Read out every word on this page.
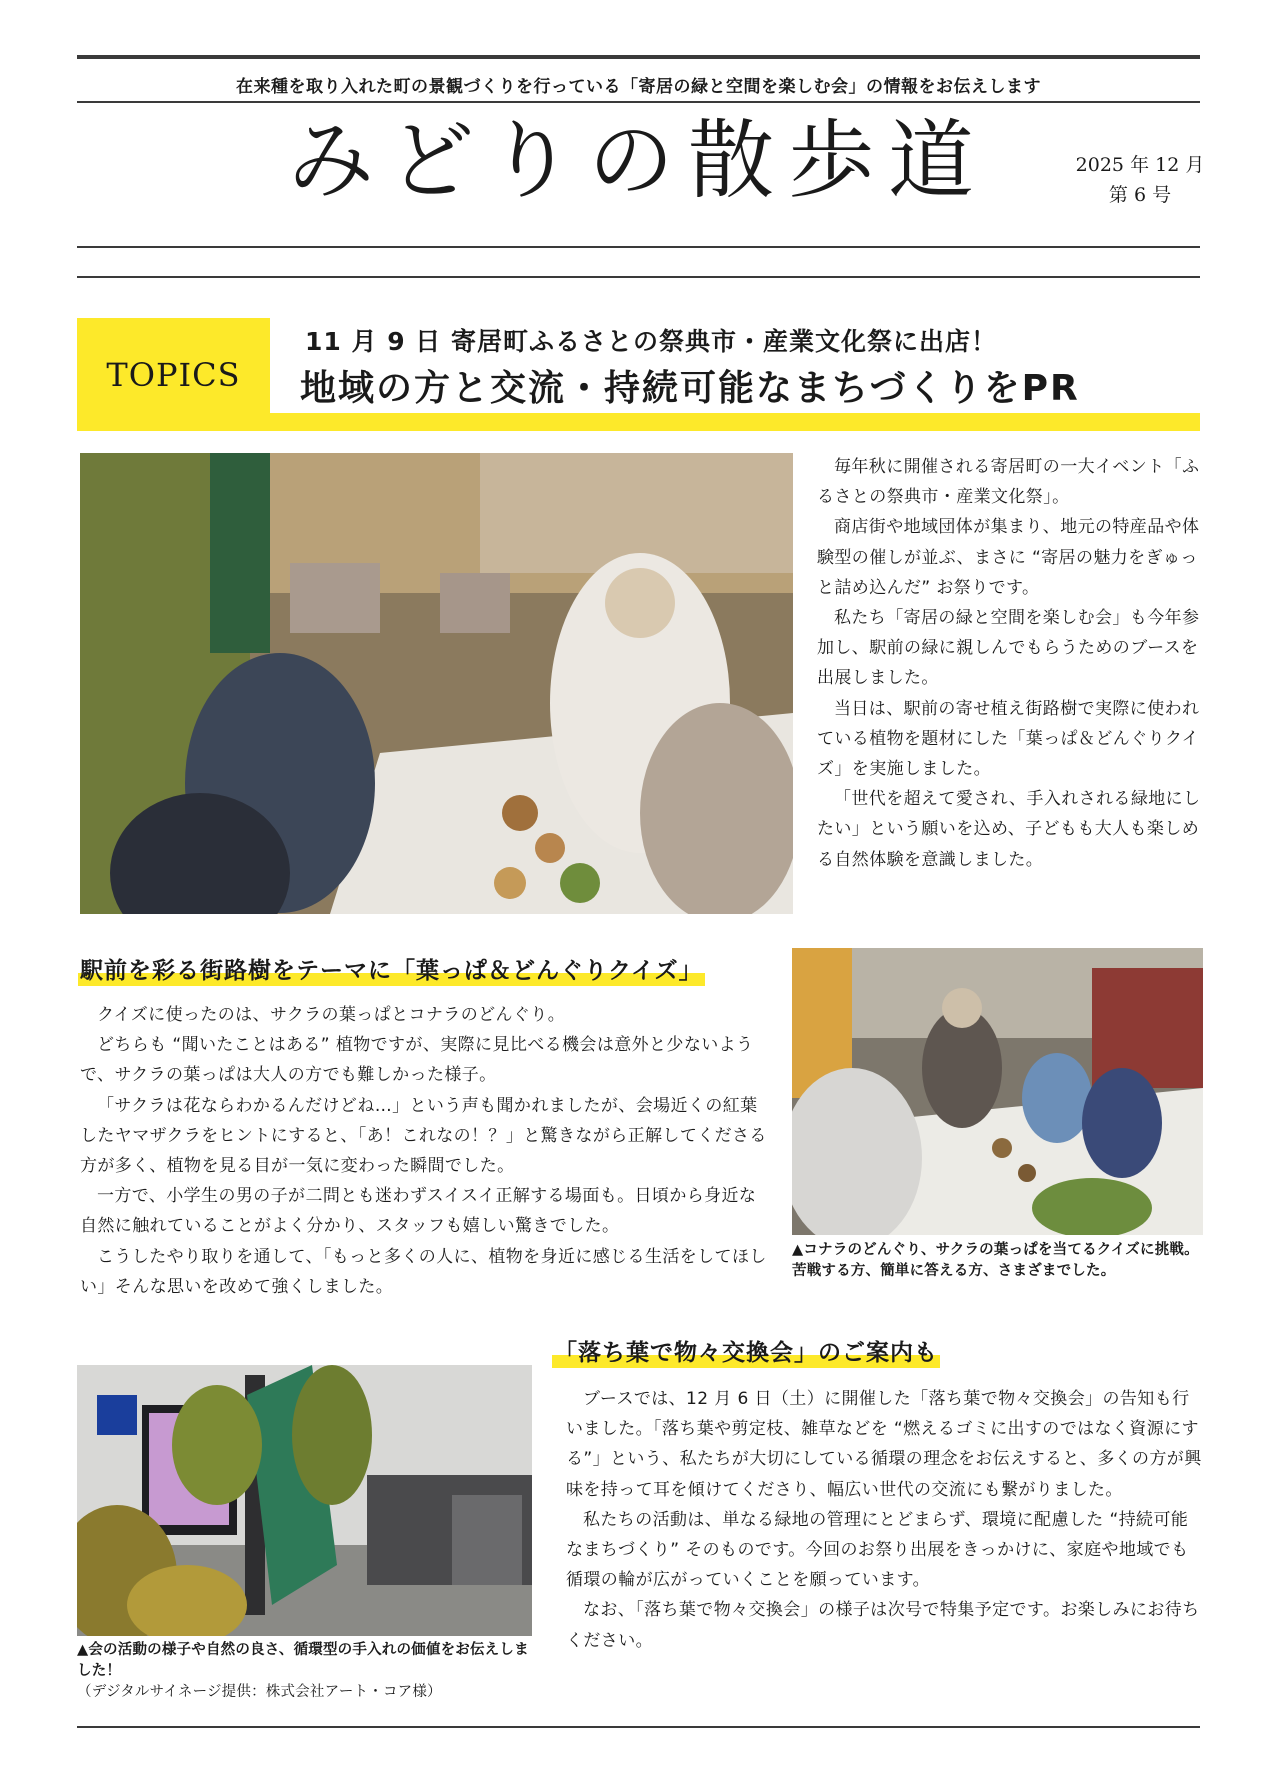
在来種を取り入れた町の景観づくりを行っている「寄居の緑と空間を楽しむ会」の情報をお伝えします
みどりの散歩道	2025 年 12 月
第 6 号
TOPICS
11 月 9 日 寄居町ふるさとの祭典市・産業文化祭に出店！
地域の方と交流・持続可能なまちづくりをPR

毎年秋に開催される寄居町の一大イベント「ふるさとの祭典市・産業文化祭」。

商店街や地域団体が集まり、地元の特産品や体験型の催しが並ぶ、まさに “寄居の魅力をぎゅっと詰め込んだ” お祭りです。

私たち「寄居の緑と空間を楽しむ会」も今年参加し、駅前の緑に親しんでもらうためのブースを出展しました。

当日は、駅前の寄せ植え街路樹で実際に使われている植物を題材にした「葉っぱ＆どんぐりクイズ」を実施しました。

「世代を超えて愛され、手入れされる緑地にしたい」という願いを込め、子どもも大人も楽しめる自然体験を意識しました。

駅前を彩る街路樹をテーマに「葉っぱ＆どんぐりクイズ」

クイズに使ったのは、サクラの葉っぱとコナラのどんぐり。

どちらも “聞いたことはある” 植物ですが、実際に見比べる機会は意外と少ないようで、サクラの葉っぱは大人の方でも難しかった様子。

「サクラは花ならわかるんだけどね…」という声も聞かれましたが、会場近くの紅葉したヤマザクラをヒントにすると、「あ！これなの！？」と驚きながら正解してくださる方が多く、植物を見る目が一気に変わった瞬間でした。

一方で、小学生の男の子が二問とも迷わずスイスイ正解する場面も。日頃から身近な自然に触れていることがよく分かり、スタッフも嬉しい驚きでした。

こうしたやり取りを通して、「もっと多くの人に、植物を身近に感じる生活をしてほしい」そんな思いを改めて強くしました。

▲コナラのどんぐり、サクラの葉っぱを当てるクイズに挑戦。苦戦する方、簡単に答える方、さまざまでした。
「落ち葉で物々交換会」のご案内も

ブースでは、12 月 6 日（土）に開催した「落ち葉で物々交換会」の告知も行いました。「落ち葉や剪定枝、雑草などを “燃えるゴミに出すのではなく資源にする”」という、私たちが大切にしている循環の理念をお伝えすると、多くの方が興味を持って耳を傾けてくださり、幅広い世代の交流にも繋がりました。

私たちの活動は、単なる緑地の管理にとどまらず、環境に配慮した “持続可能なまちづくり” そのものです。今回のお祭り出展をきっかけに、家庭や地域でも循環の輪が広がっていくことを願っています。

なお、「落ち葉で物々交換会」の様子は次号で特集予定です。お楽しみにお待ちください。

▲会の活動の様子や自然の良さ、循環型の手入れの価値をお伝えしました！
（デジタルサイネージ提供：株式会社アート・コア様）
